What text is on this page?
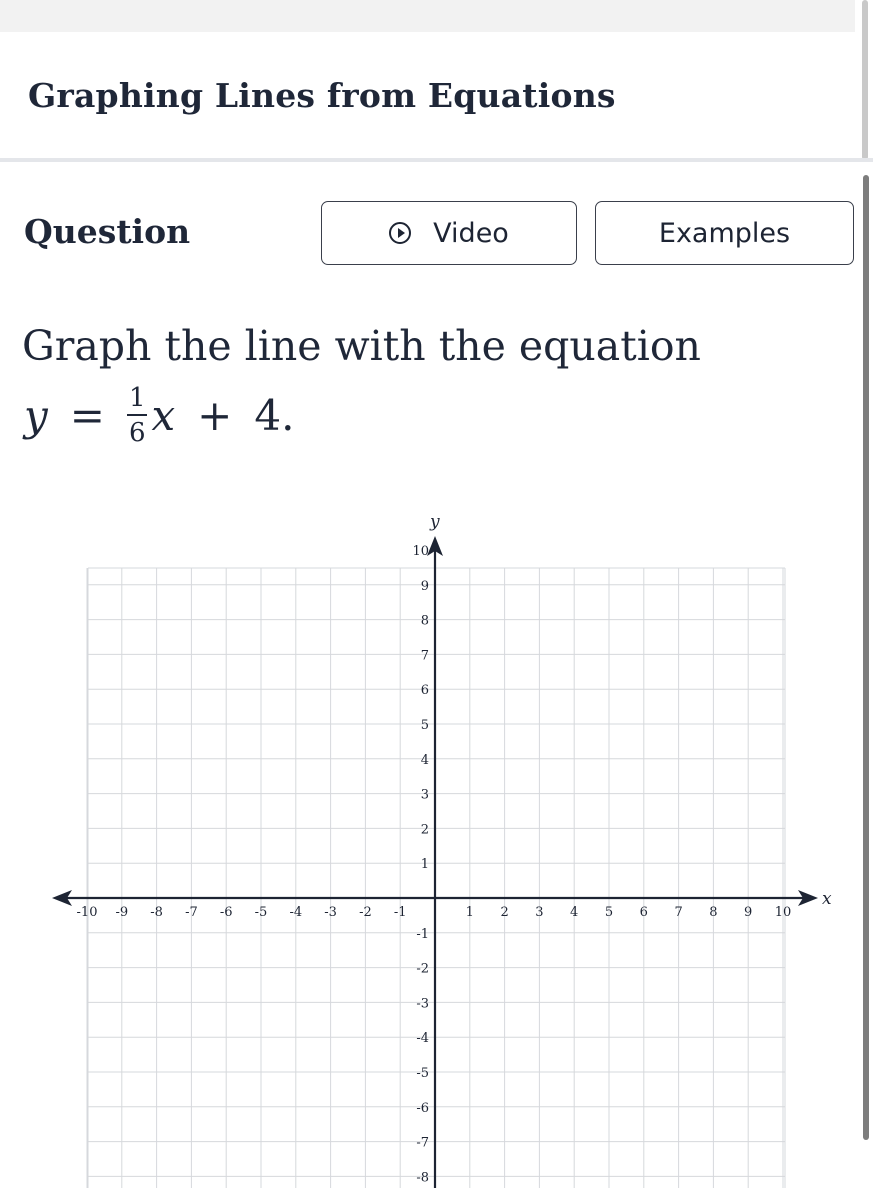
Graphing Lines from Equations
Question	Video	Examples
Graph the line with the equation
$y = \frac{1}{6}$ x + 4.
x
y
-10 -9 -8 -7 -6 -5 -4 -3 -2 -1	1 2 3 4 5 6 7 8 9 10
10
9
8
7
6
5
4
3
2
1
-1
-2
-3
-4
-5
-6
-7
-8
